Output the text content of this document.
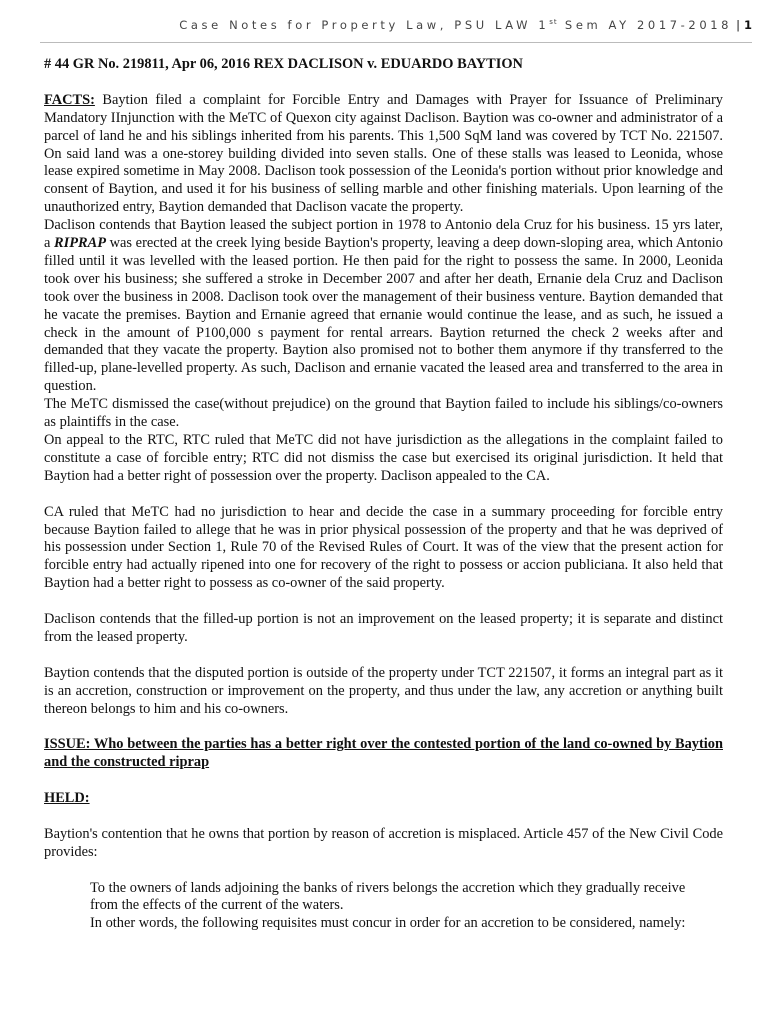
Case Notes for Property Law, PSU LAW 1st Sem AY 2017-2018 | 1

# 44 GR No. 219811, Apr 06, 2016 REX DACLISON v. EDUARDO BAYTION

FACTS: Baytion filed a complaint for Forcible Entry and Damages with Prayer for Issuance of Preliminary Mandatory IInjunction with the MeTC of Quexon city against Daclison. Baytion was co-owner and administrator of a parcel of land he and his siblings inherited from his parents. This 1,500 SqM land was covered by TCT No. 221507. On said land was a one-storey building divided into seven stalls. One of these stalls was leased to Leonida, whose lease expired sometime in May 2008. Daclison took possession of the Leonida's portion without prior knowledge and consent of Baytion, and used it for his business of selling marble and other finishing materials. Upon learning of the unauthorized entry, Baytion demanded that Daclison vacate the property.

Daclison contends that Baytion leased the subject portion in 1978 to Antonio dela Cruz for his business. 15 yrs later, a RIPRAP was erected at the creek lying beside Baytion's property, leaving a deep down-sloping area, which Antonio filled until it was levelled with the leased portion. He then paid for the right to possess the same. In 2000, Leonida took over his business; she suffered a stroke in December 2007 and after her death, Ernanie dela Cruz and Daclison took over the business in 2008. Daclison took over the management of their business venture. Baytion demanded that he vacate the premises. Baytion and Ernanie agreed that ernanie would continue the lease, and as such, he issued a check in the amount of P100,000 s payment for rental arrears. Baytion returned the check 2 weeks after and demanded that they vacate the property. Baytion also promised not to bother them anymore if thy transferred to the filled-up, plane-levelled property. As such, Daclison and ernanie vacated the leased area and transferred to the area in question.

The MeTC dismissed the case(without prejudice) on the ground that Baytion failed to include his siblings/co-owners as plaintiffs in the case.

On appeal to the RTC, RTC ruled that MeTC did not have jurisdiction as the allegations in the complaint failed to constitute a case of forcible entry; RTC did not dismiss the case but exercised its original jurisdiction. It held that Baytion had a better right of possession over the property. Daclison appealed to the CA.

CA ruled that MeTC had no jurisdiction to hear and decide the case in a summary proceeding for forcible entry because Baytion failed to allege that he was in prior physical possession of the property and that he was deprived of his possession under Section 1, Rule 70 of the Revised Rules of Court. It was of the view that the present action for forcible entry had actually ripened into one for recovery of the right to possess or accion publiciana. It also held that Baytion had a better right to possess as co-owner of the said property.

Daclison contends that the filled-up portion is not an improvement on the leased property; it is separate and distinct from the leased property.

Baytion contends that the disputed portion is outside of the property under TCT 221507, it forms an integral part as it is an accretion, construction or improvement on the property, and thus under the law, any accretion or anything built thereon belongs to him and his co-owners.

ISSUE: Who between the parties has a better right over the contested portion of the land co-owned by Baytion and the constructed riprap

HELD:

Baytion's contention that he owns that portion by reason of accretion is misplaced. Article 457 of the New Civil Code provides:

To the owners of lands adjoining the banks of rivers belongs the accretion which they gradually receive from the effects of the current of the waters.

In other words, the following requisites must concur in order for an accretion to be considered, namely:
